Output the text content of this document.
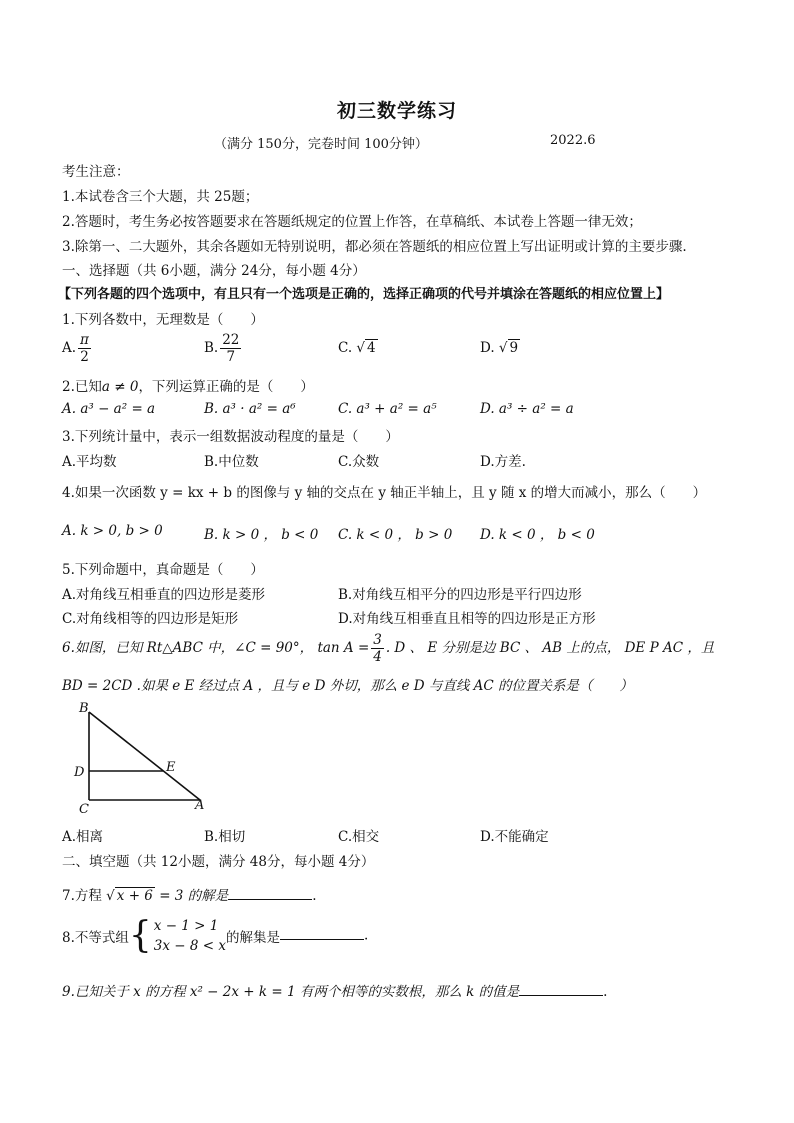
初三数学练习
（满分 150分，完卷时间 100分钟）	2022.6
考生注意：
1.本试卷含三个大题，共 25题；
2.答题时，考生务必按答题要求在答题纸规定的位置上作答，在草稿纸、本试卷上答题一律无效；
3.除第一、二大题外，其余各题如无特别说明，都必须在答题纸的相应位置上写出证明或计算的主要步骤.
一、选择题（共 6小题，满分 24分，每小题 4分）
【下列各题的四个选项中，有且只有一个选项是正确的，选择正确项的代号并填涂在答题纸的相应位置上】
1.下列各数中，无理数是（　　）
A. $\frac{\pi}{2}$	B. $\frac{22}{7}$	C. √ 4	D. √ 9
2.已知a ≠ 0，下列运算正确的是（　　）
A. a³ − a² = a	B. a³ · a² = a⁶	C. a³ + a² = a⁵	D. a³ ÷ a² = a
3.下列统计量中，表示一组数据波动程度的量是（　　）
A.平均数	B.中位数	C.众数	D.方差.
4.如果一次函数 y = kx + b 的图像与 y 轴的交点在 y 轴正半轴上，且 y 随 x 的增大而减小，那么（　　）
A. k > 0, b > 0	B. k > 0 ， b < 0 C. k < 0 ， b > 0 D. k < 0 ， b < 0
5.下列命题中，真命题是（　　）
A.对角线互相垂直的四边形是菱形	B.对角线互相平分的四边形是平行四边形
C.对角线相等的四边形是矩形	D.对角线互相垂直且相等的四边形是正方形
6.如图，已知 Rt△ABC 中，∠C = 90°， $\tan A = \frac{3}{4}$ . D 、 E 分别是边 BC 、 AB 上的点， DE Ρ AC ，且
BD = 2CD .如果 e E 经过点 A ，且与 e D 外切，那么 e D 与直线 AC 的位置关系是（　　）
B
D	E
C	A
A.相离	B.相切	C.相交	D.不能确定
二、填空题（共 12小题，满分 48分，每小题 4分）
7.方程 √ x + 6 = 3 的解是	.
8.不等式组{ x − 1 > 1
3x − 8 < x 的解集是	.
9.已知关于 x 的方程 x² − 2x + k = 1 有两个相等的实数根，那么 k 的值是	.
